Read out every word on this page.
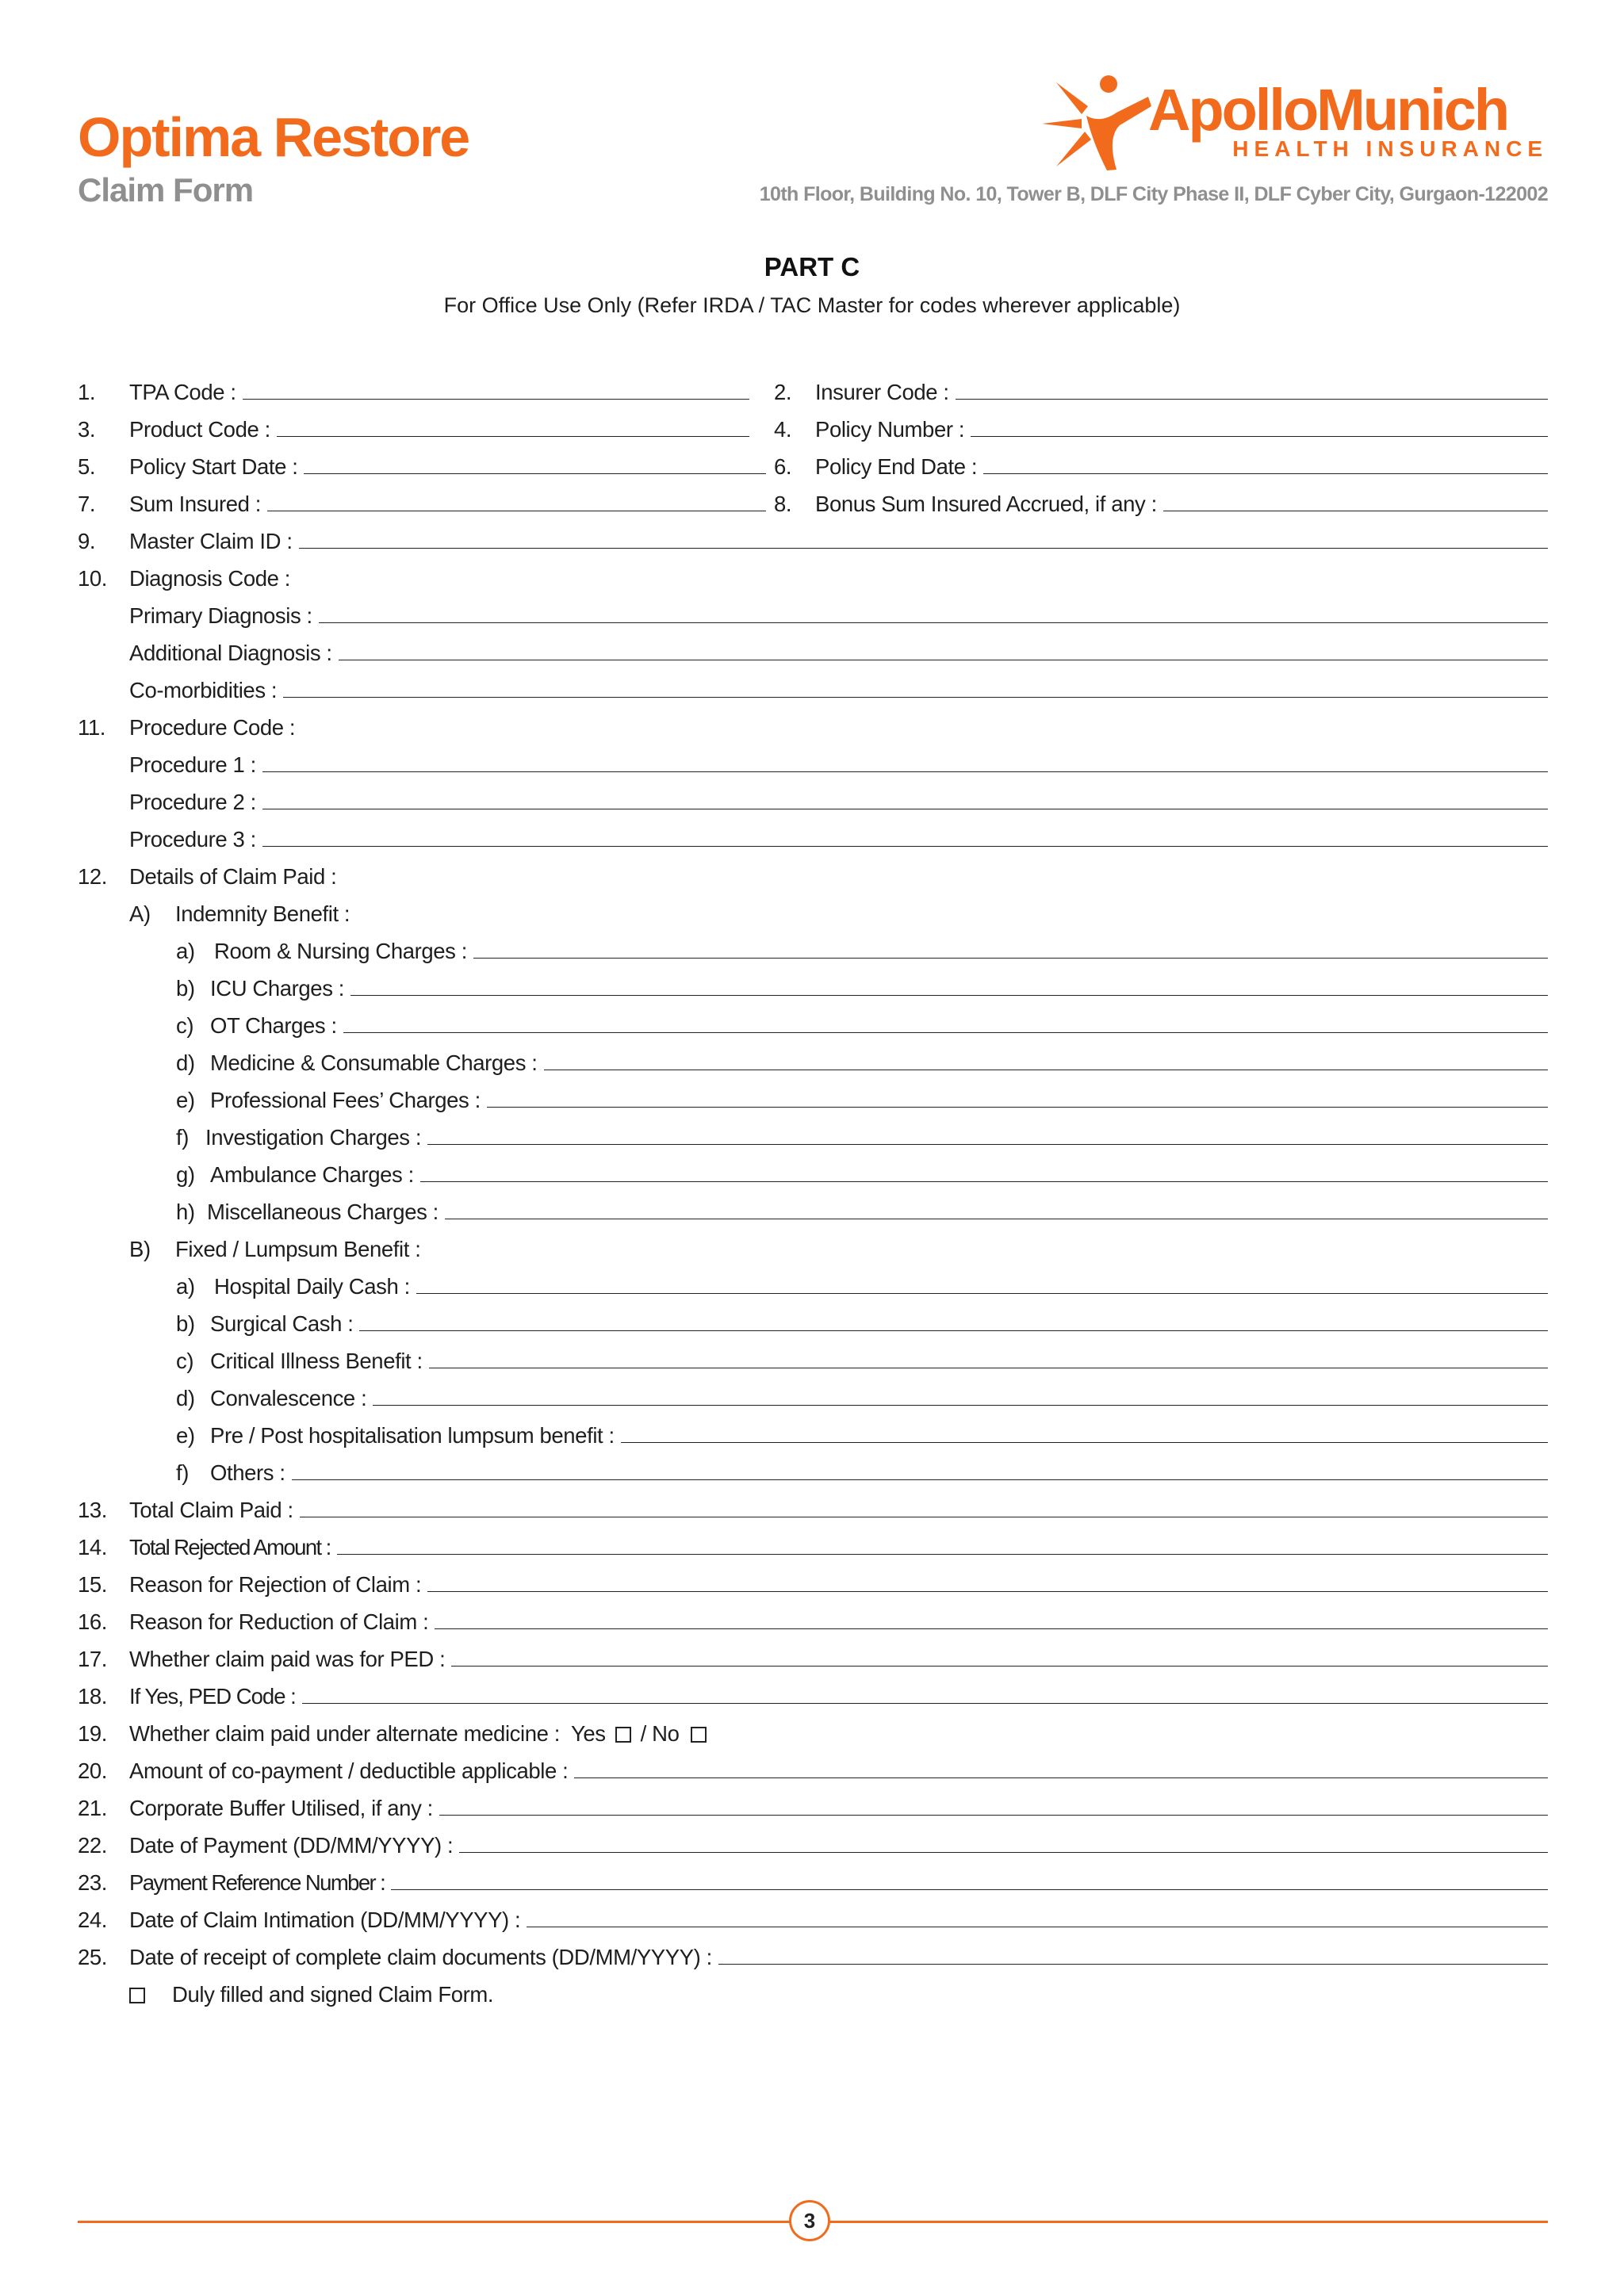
Optima Restore
Claim Form
ApolloMunich
HEALTH INSURANCE
10th Floor, Building No. 10, Tower B, DLF City Phase II, DLF Cyber City, Gurgaon-122002
PART C
For Office Use Only (Refer IRDA / TAC Master for codes wherever applicable)
1. TPA Code :	2. Insurer Code :
3. Product Code :	4. Policy Number :
5. Policy Start Date :	6. Policy End Date :
7. Sum Insured :	8. Bonus Sum Insured Accrued, if any :
9. Master Claim ID :
10. Diagnosis Code :
Primary Diagnosis :
Additional Diagnosis :
Co-morbidities :
11. Procedure Code :
Procedure 1 :
Procedure 2 :
Procedure 3 :
12. Details of Claim Paid :
A) Indemnity Benefit :
a) Room & Nursing Charges :
b) ICU Charges :
c) OT Charges :
d) Medicine & Consumable Charges :
e) Professional Fees’ Charges :
f) Investigation Charges :
g) Ambulance Charges :
h) Miscellaneous Charges :
B) Fixed / Lumpsum Benefit :
a) Hospital Daily Cash :
b) Surgical Cash :
c) Critical Illness Benefit :
d) Convalescence :
e) Pre / Post hospitalisation lumpsum benefit :
f) Others :
13. Total Claim Paid :
14. Total Rejected Amount :
15. Reason for Rejection of Claim :
16. Reason for Reduction of Claim :
17. Whether claim paid was for PED :
18. If Yes, PED Code :
19. Whether claim paid under alternate medicine : Yes / No
20. Amount of co-payment / deductible applicable :
21. Corporate Buffer Utilised, if any :
22. Date of Payment (DD/MM/YYYY) :
23. Payment Reference Number :
24. Date of Claim Intimation (DD/MM/YYYY) :
25. Date of receipt of complete claim documents (DD/MM/YYYY) :
Duly filled and signed Claim Form.
3
